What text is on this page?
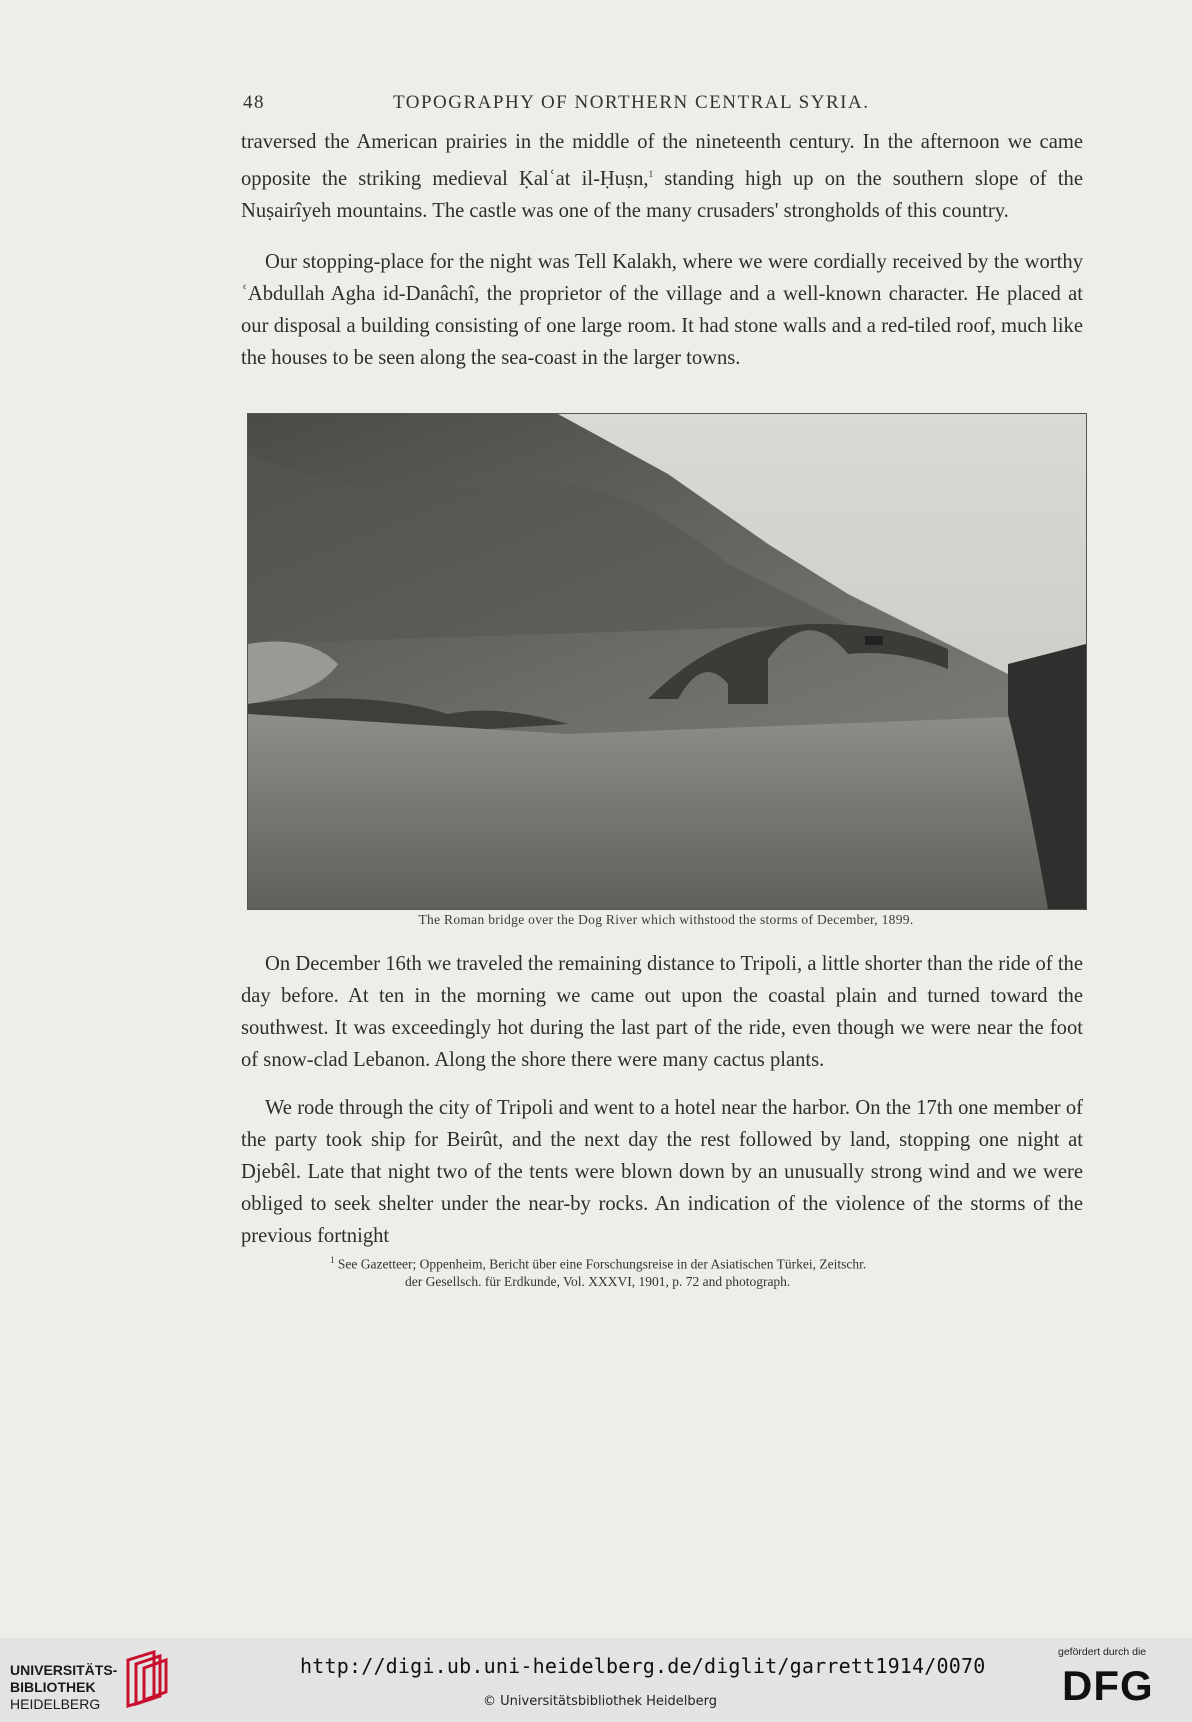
48	TOPOGRAPHY OF NORTHERN CENTRAL SYRIA.

traversed the American prairies in the middle of the nineteenth century. In the afternoon we came opposite the striking medieval Ḳalʿat il-Ḥuṣn,$^1$ standing high up on the southern slope of the Nuṣairîyeh mountains. The castle was one of the many crusaders' strongholds of this country.

Our stopping-place for the night was Tell Kalakh, where we were cordially received by the worthy ʿAbdullah Agha id-Danâchî, the proprietor of the village and a well-known character. He placed at our disposal a building consisting of one large room. It had stone walls and a red-tiled roof, much like the houses to be seen along the sea-coast in the larger towns.

The Roman bridge over the Dog River which withstood the storms of December, 1899.

On December 16th we traveled the remaining distance to Tripoli, a little shorter than the ride of the day before. At ten in the morning we came out upon the coastal plain and turned toward the southwest. It was exceedingly hot during the last part of the ride, even though we were near the foot of snow-clad Lebanon. Along the shore there were many cactus plants.

We rode through the city of Tripoli and went to a hotel near the harbor. On the 17th one member of the party took ship for Beirût, and the next day the rest followed by land, stopping one night at Djebêl. Late that night two of the tents were blown down by an unusually strong wind and we were obliged to seek shelter under the near-by rocks. An indication of the violence of the storms of the previous fortnight

$^1$ See Gazetteer; Oppenheim, Bericht über eine Forschungsreise in der Asiatischen Türkei, Zeitschr.

der Gesellsch. für Erdkunde, Vol. XXXVI, 1901, p. 72 and photograph.

UNIVERSITÄTS-
BIBLIOTHEK
HEIDELBERG
http://digi.ub.uni-heidelberg.de/diglit/garrett1914/0070
© Universitätsbibliothek Heidelberg
gefördert durch die
DFG
